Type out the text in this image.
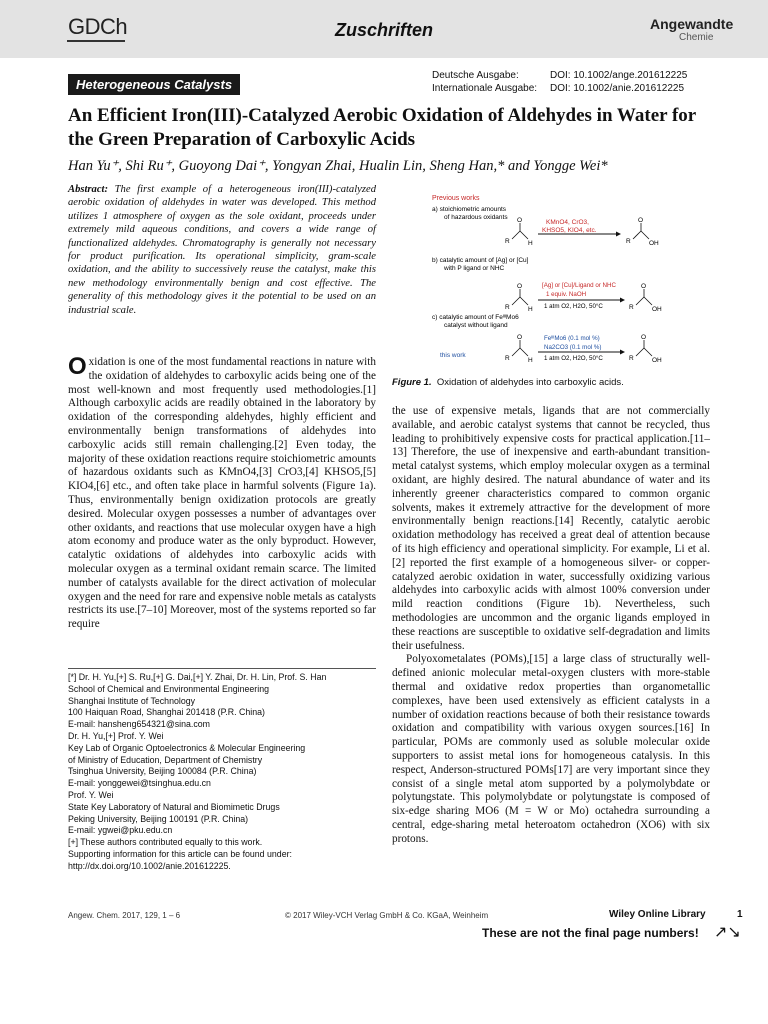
GDCh	Zuschriften	Angewandte
Chemie
Heterogeneous Catalysts
Deutsche Ausgabe:	DOI: 10.1002/ange.201612225
Internationale Ausgabe: DOI: 10.1002/anie.201612225
An Efficient Iron(III)-Catalyzed Aerobic Oxidation of Aldehydes in Water for the Green Preparation of Carboxylic Acids
Han Yu⁺, Shi Ru⁺, Guoyong Dai⁺, Yongyan Zhai, Hualin Lin, Sheng Han,* and Yongge Wei*

Abstract: The first example of a heterogeneous iron(III)-catalyzed aerobic oxidation of aldehydes in water was developed. This method utilizes 1 atmosphere of oxygen as the sole oxidant, proceeds under extremely mild aqueous conditions, and covers a wide range of functionalized aldehydes. Chromatography is generally not necessary for product purification. Its operational simplicity, gram-scale oxidation, and the ability to successively reuse the catalyst, make this new methodology environmentally benign and cost effective. The generality of this methodology gives it the potential to be used on an industrial scale.

Oxidation is one of the most fundamental reactions in nature with the oxidation of aldehydes to carboxylic acids being one of the most well-known and most frequently used methodologies.[1] Although carboxylic acids are readily obtained in the laboratory by oxidation of the corresponding aldehydes, highly efficient and environmentally benign transformations of aldehydes into carboxylic acids still remain challenging.[2] Even today, the majority of these oxidation reactions require stoichiometric amounts of hazardous oxidants such as KMnO4,[3] CrO3,[4] KHSO5,[5] KIO4,[6] etc., and often take place in harmful solvents (Figure 1a). Thus, environmentally benign oxidization protocols are greatly desired. Molecular oxygen possesses a number of advantages over other oxidants, and reactions that use molecular oxygen have a high atom economy and produce water as the only byproduct. However, catalytic oxidations of aldehydes into carboxylic acids with molecular oxygen as a terminal oxidant remain scarce. The limited number of catalysts available for the direct activation of molecular oxygen and the need for rare and expensive noble metals as catalysts restricts its use.[7–10] Moreover, most of the systems reported so far require

[*] Dr. H. Yu,[+] S. Ru,[+] G. Dai,[+] Y. Zhai, Dr. H. Lin, Prof. S. Han
School of Chemical and Environmental Engineering
Shanghai Institute of Technology
100 Haiquan Road, Shanghai 201418 (P.R. China)
E-mail: hansheng654321@sina.com
Dr. H. Yu,[+] Prof. Y. Wei
Key Lab of Organic Optoelectronics & Molecular Engineering
of Ministry of Education, Department of Chemistry
Tsinghua University, Beijing 100084 (P.R. China)
E-mail: yonggewei@tsinghua.edu.cn
Prof. Y. Wei
State Key Laboratory of Natural and Biomimetic Drugs
Peking University, Beijing 100191 (P.R. China)
E-mail: ygwei@pku.edu.cn
[+] These authors contributed equally to this work.
Supporting information for this article can be found under:
http://dx.doi.org/10.1002/anie.201612225.
Previous works
a) stoichiometric amounts
of hazardous oxidants
R
O
H
KMnO4, CrO3,
KHSO5, KIO4, etc.
R
O
OH
b) catalytic amount of [Ag] or [Cu]
with P ligand or NHC
R
O
H
[Ag] or [Cu]/Ligand or NHC
1 equiv. NaOH
1 atm O2, H2O, 50°C	R
O
OH
c) catalytic amount of FeᴵᴵᴵMo6
catalyst without ligand
this work	R
O
H
FeᴵᴵᴵMo6 (0.1 mol %)
Na2CO3 (0.1 mol %)
1 atm O2, H2O, 50°C	R
O
OH
Figure 1. Oxidation of aldehydes into carboxylic acids.

the use of expensive metals, ligands that are not commercially available, and aerobic catalyst systems that cannot be recycled, thus leading to prohibitively expensive costs for practical application.[11–13] Therefore, the use of inexpensive and earth-abundant transition-metal catalyst systems, which employ molecular oxygen as a terminal oxidant, are highly desired. The natural abundance of water and its inherently greener characteristics compared to common organic solvents, makes it extremely attractive for the development of more environmentally benign reactions.[14] Recently, catalytic aerobic oxidation methodology has received a great deal of attention because of its high efficiency and operational simplicity. For example, Li et al.[2] reported the first example of a homogeneous silver- or copper-catalyzed aerobic oxidation in water, successfully oxidizing various aldehydes into carboxylic acids with almost 100% conversion under mild reaction conditions (Figure 1b). Nevertheless, such methodologies are uncommon and the organic ligands employed in these reactions are susceptible to oxidative self-degradation and limits their usefulness.

Polyoxometalates (POMs),[15] a large class of structurally well-defined anionic molecular metal-oxygen clusters with more-stable thermal and oxidative redox properties than organometallic complexes, have been used extensively as efficient catalysts in a number of oxidation reactions because of both their resistance towards oxidation and compatibility with various oxygen sources.[16] In particular, POMs are commonly used as soluble molecular oxide supporters to assist metal ions for homogeneous catalysis. In this respect, Anderson-structured POMs[17] are very important since they consist of a single metal atom supported by a polymolybdate or polytungstate. This polymolybdate or polytungstate is composed of six-edge sharing MO6 (M = W or Mo) octahedra surrounding a central, edge-sharing metal heteroatom octahedron (XO6) with six protons.

Angew. Chem. 2017, 129, 1 – 6	© 2017 Wiley-VCH Verlag GmbH & Co. KGaA, Weinheim	Wiley Online Library	1
These are not the final page numbers! ↗↘
